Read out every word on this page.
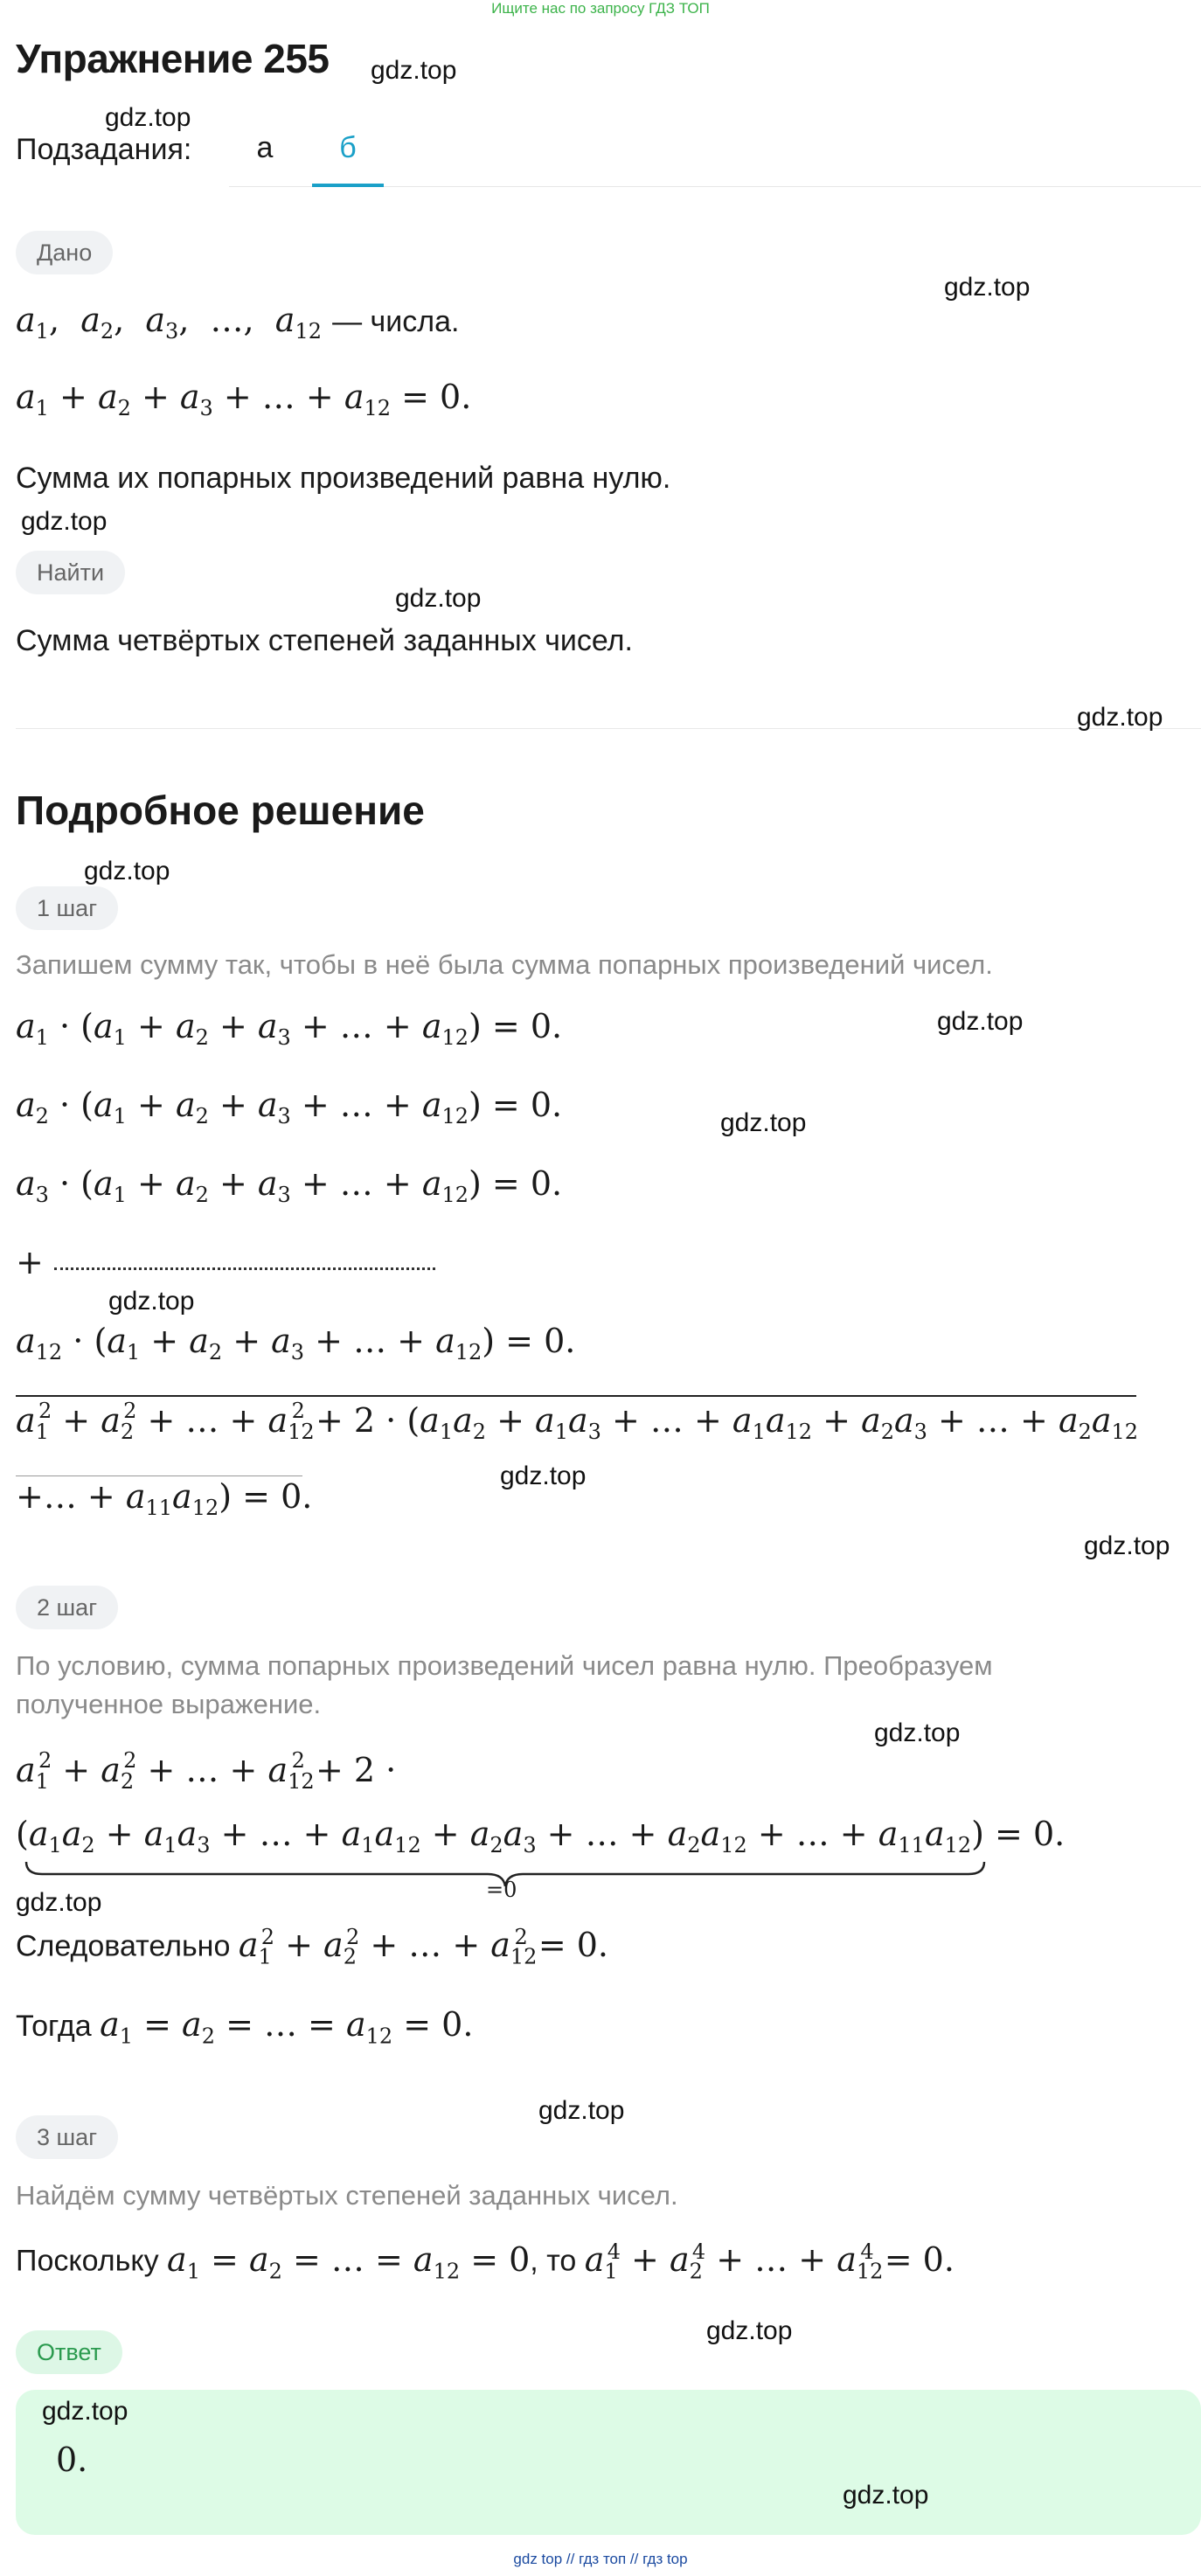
Ищите нас по запросу ГДЗ ТОП
Упражнение 255
Подзадания:	а	б
Дано
$a_1$,  $a_2$,  $a_3$,  …,  $a_{12}$ — числа.
$a_1 + a_2 + a_3$ + … + $a_{12} = 0$.
Сумма их попарных произведений равна нулю.
Найти
Сумма четвёртых степеней заданных чисел.
Подробное решение
1 шаг
Запишем сумму так, чтобы в неё была сумма попарных произведений чисел.
$a_1 \cdot (a_1 + a_2 + a_3$ + … + $a_{12}) = 0$.
$a_2 \cdot (a_1 + a_2 + a_3$ + … + $a_{12}) = 0$.
$a_3 \cdot (a_1 + a_2 + a_3$ + … + $a_{12}) = 0$.
+
$a_{12} \cdot (a_1 + a_2 + a_3$ + … + $a_{12}) = 0$.
$a_1^2 + a_2^2$ + … + $a_{12}^2 + 2 \cdot (a_1a_2 + a_1a_3$ + … + $a_1a_{12} + a_2a_3$ + … + $a_2a_{12}$
+… + $a_{11}a_{12}) = 0$.
2 шаг
По условию, сумма попарных произведений чисел равна нулю. Преобразуем
полученное выражение.
$a_1^2 + a_2^2$ + … + $a_{12}^2 + 2$ ·
($a_1a_2 + a_1a_3$ + … + $a_1a_{12} + a_2a_3$ + … + $a_2a_{12}$ + … + $a_{11}a_{12}) = 0$.
=0
Следовательно $a_1^2 + a_2^2$ + … + $a_{12}^2 = 0$.
Тогда $a_1 = a_2$ = … = $a_{12} = 0$.
3 шаг
Найдём сумму четвёртых степеней заданных чисел.
Поскольку $a_1 = a_2$ = … = $a_{12} = 0$, то $a_1^4 + a_2^4$ + … + $a_{12}^4 = 0$.
Ответ
0.
gdz.top
gdz.top
gdz.top
gdz.top
gdz.top
gdz.top
gdz.top
gdz.top
gdz.top
gdz.top
gdz.top
gdz.top
gdz.top
gdz.top
gdz.top
gdz.top
gdz.top
gdz.top
gdz top // гдз топ // гдз top
